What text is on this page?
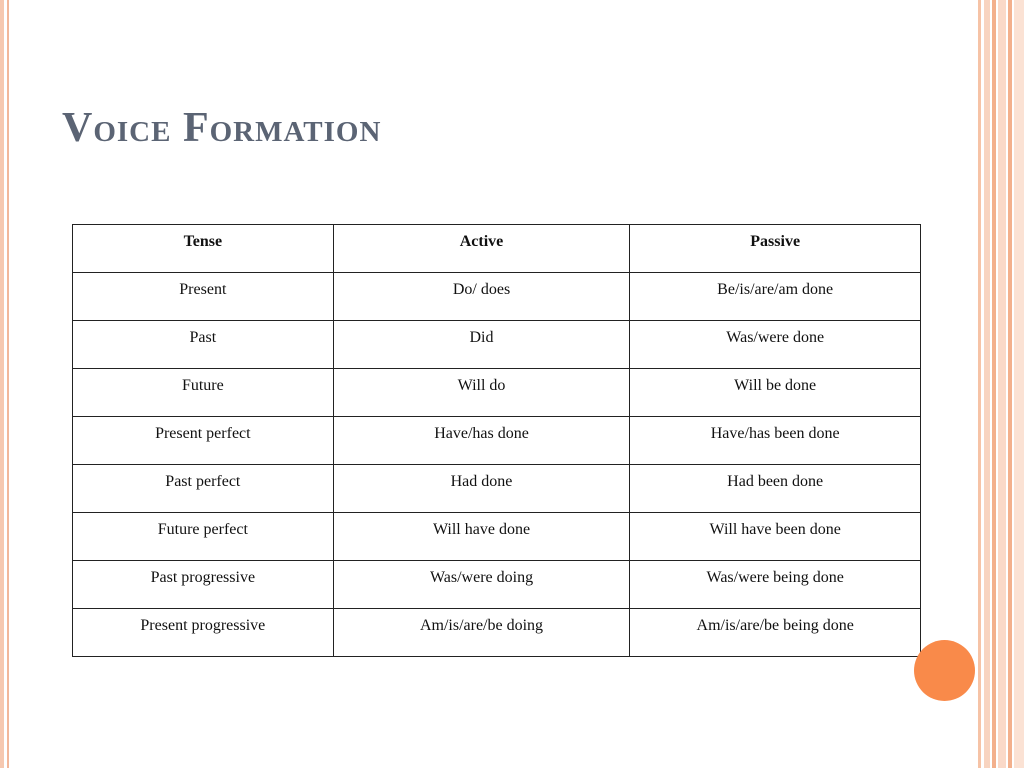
Voice Formation
Tense	Active	Passive

Present	Do/ does	Be/is/are/am done

Past	Did	Was/were done

Future	Will do	Will be done

Present perfect	Have/has done	Have/has been done

Past perfect	Had done	Had been done

Future perfect	Will have done	Will have been done

Past progressive	Was/were doing	Was/were being done

Present progressive	Am/is/are/be doing	Am/is/are/be being done
